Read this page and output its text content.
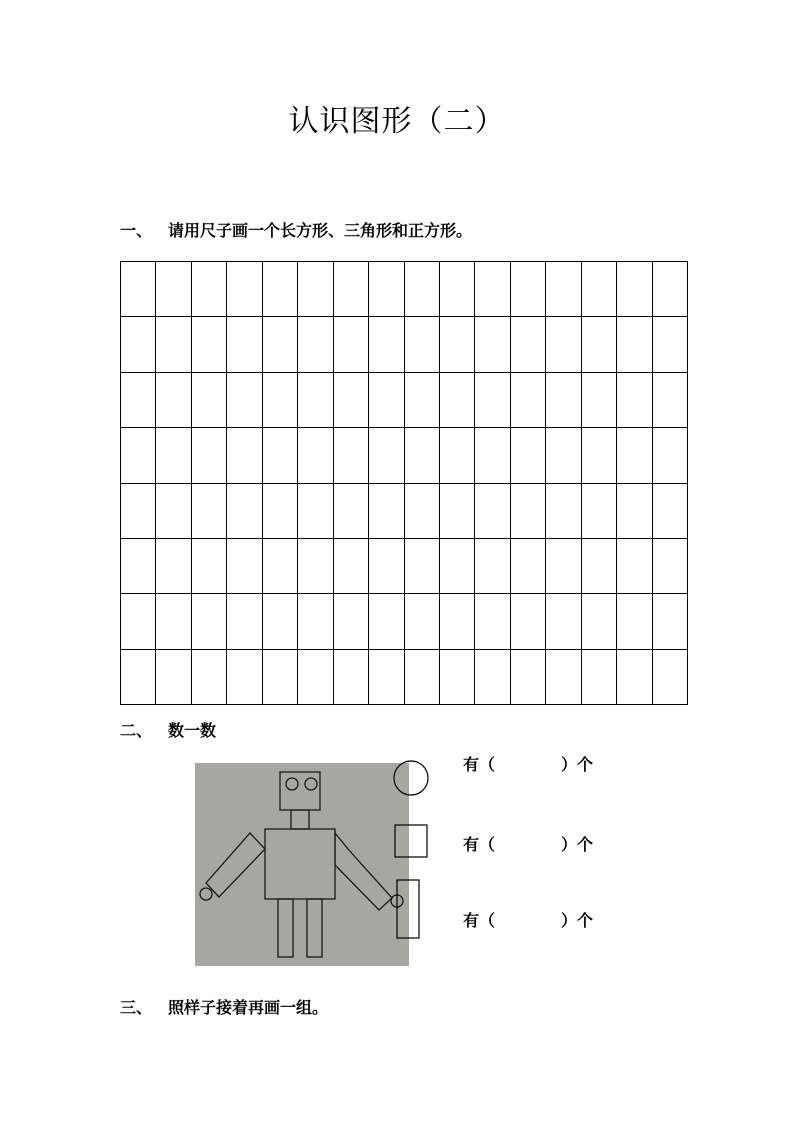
认识图形（二）
一、 请用尺子画一个长方形、三角形和正方形。

二、 数一数
有（	）个
有（	）个
有（	）个
三、 照样子接着再画一组。
